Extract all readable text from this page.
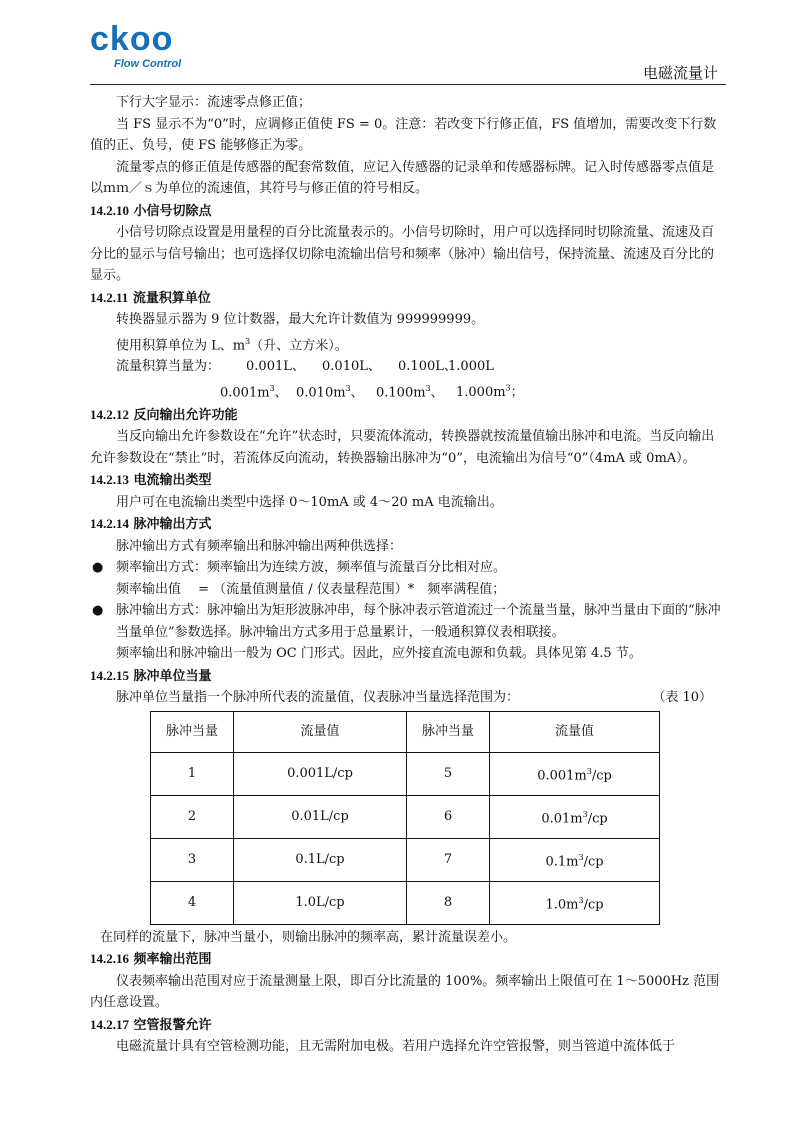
ckoo
Flow Control	电磁流量计

下行大字显示：流速零点修正值；

当 FS 显示不为“0”时，应调修正值使 FS = 0。注意：若改变下行修正值，FS 值增加，需要改变下行数值的正、负号，使 FS 能够修正为零。

流量零点的修正值是传感器的配套常数值，应记入传感器的记录单和传感器标牌。记入时传感器零点值是以ｍｍ／ｓ为单位的流速值，其符号与修正值的符号相反。

14.2.10 小信号切除点

小信号切除点设置是用量程的百分比流量表示的。小信号切除时，用户可以选择同时切除流量、流速及百分比的显示与信号输出；也可选择仅切除电流输出信号和频率（脉冲）输出信号，保持流量、流速及百分比的显示。

14.2.11 流量积算单位

转换器显示器为 9 位计数器，最大允许计数值为 999999999。

使用积算单位为 L、$m^3$（升、立方米）。

流量积算当量为： 0.001L、 0.010L、 0.100L、1.000L

$0.001m^3$、 $0.010m^3$、 $0.100m^3$、 $1.000m^3$；

14.2.12 反向输出允许功能

当反向输出允许参数设在“允许”状态时，只要流体流动，转换器就按流量值输出脉冲和电流。当反向输出允许参数设在“禁止”时，若流体反向流动，转换器输出脉冲为“0”，电流输出为信号“0”（4mA 或 0mA）。

14.2.13 电流输出类型

用户可在电流输出类型中选择 0～10mA 或 4～20 mA 电流输出。

14.2.14 脉冲输出方式

脉冲输出方式有频率输出和脉冲输出两种供选择：

● 频率输出方式：频率输出为连续方波，频率值与流量百分比相对应。

频率输出值　 = （流量值测量值 / 仪表量程范围）*　频率满程值；

● 脉冲输出方式：脉冲输出为矩形波脉冲串，每个脉冲表示管道流过一个流量当量，脉冲当量由下面的“脉冲当量单位”参数选择。脉冲输出方式多用于总量累计，一般通积算仪表相联接。

频率输出和脉冲输出一般为 OC 门形式。因此，应外接直流电源和负载。具体见第 4.5 节。

14.2.15 脉冲单位当量

脉冲单位当量指一个脉冲所代表的流量值，仪表脉冲当量选择范围为：	（表 10）

脉冲当量	流量值	脉冲当量	流量值
1	0.001L/cp	5	$0.001m^3/cp$
2	0.01L/cp	6	$0.01m^3/cp$
3	0.1L/cp	7	$0.1m^3/cp$
4	1.0L/cp	8	$1.0m^3/cp$

在同样的流量下，脉冲当量小，则输出脉冲的频率高，累计流量误差小。

14.2.16 频率输出范围

仪表频率输出范围对应于流量测量上限，即百分比流量的 100%。频率输出上限值可在 1～5000Hz 范围内任意设置。

14.2.17 空管报警允许

电磁流量计具有空管检测功能，且无需附加电极。若用户选择允许空管报警，则当管道中流体低于
